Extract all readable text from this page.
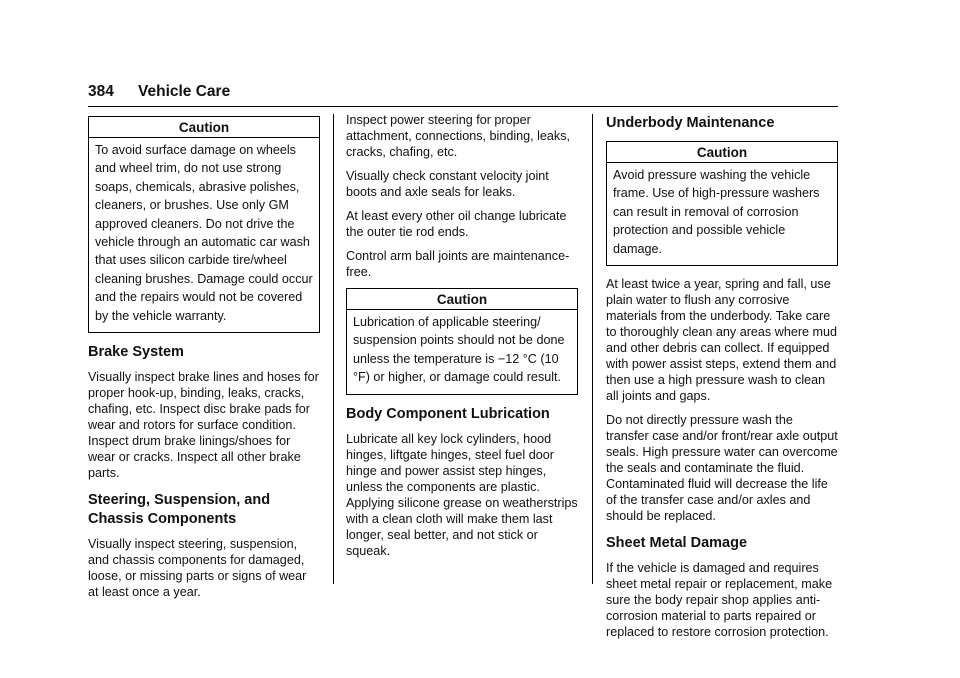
384 Vehicle Care
Caution
To avoid surface damage on wheels and wheel trim, do not use strong soaps, chemicals, abrasive polishes, cleaners, or brushes. Use only GM approved cleaners. Do not drive the vehicle through an automatic car wash that uses silicon carbide tire/wheel cleaning brushes. Damage could occur and the repairs would not be covered by the vehicle warranty.
Brake System

Visually inspect brake lines and hoses for proper hook-up, binding, leaks, cracks, chafing, etc. Inspect disc brake pads for wear and rotors for surface condition. Inspect drum brake linings/shoes for wear or cracks. Inspect all other brake parts.

Steering, Suspension, and Chassis Components

Visually inspect steering, suspension, and chassis components for damaged, loose, or missing parts or signs of wear at least once a year.

Inspect power steering for proper attachment, connections, binding, leaks, cracks, chafing, etc.

Visually check constant velocity joint boots and axle seals for leaks.

At least every other oil change lubricate the outer tie rod ends.

Control arm ball joints are maintenance-free.

Caution
Lubrication of applicable steering/ suspension points should not be done unless the temperature is −12 °C (10 °F) or higher, or damage could result.
Body Component Lubrication

Lubricate all key lock cylinders, hood hinges, liftgate hinges, steel fuel door hinge and power assist step hinges, unless the components are plastic. Applying silicone grease on weatherstrips with a clean cloth will make them last longer, seal better, and not stick or squeak.

Underbody Maintenance
Caution
Avoid pressure washing the vehicle frame. Use of high-pressure washers can result in removal of corrosion protection and possible vehicle damage.

At least twice a year, spring and fall, use plain water to flush any corrosive materials from the underbody. Take care to thoroughly clean any areas where mud and other debris can collect. If equipped with power assist steps, extend them and then use a high pressure wash to clean all joints and gaps.

Do not directly pressure wash the transfer case and/or front/rear axle output seals. High pressure water can overcome the seals and contaminate the fluid. Contaminated fluid will decrease the life of the transfer case and/or axles and should be replaced.

Sheet Metal Damage

If the vehicle is damaged and requires sheet metal repair or replacement, make sure the body repair shop applies anti-corrosion material to parts repaired or replaced to restore corrosion protection.
